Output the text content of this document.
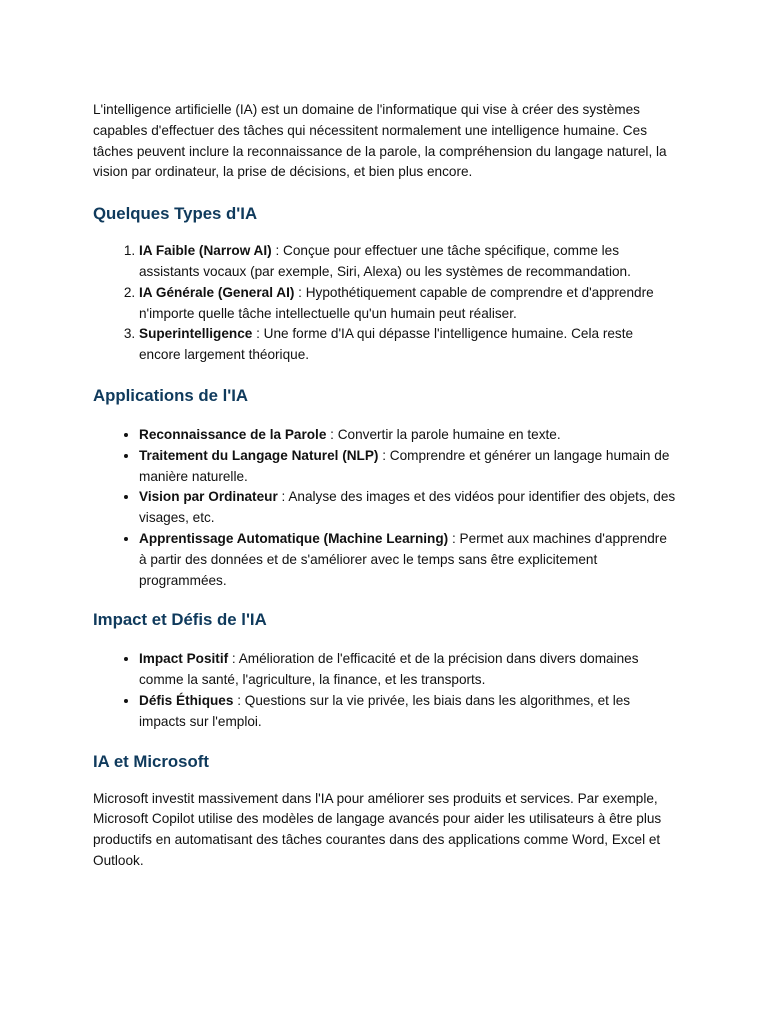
L'intelligence artificielle (IA) est un domaine de l'informatique qui vise à créer des systèmes capables d'effectuer des tâches qui nécessitent normalement une intelligence humaine. Ces tâches peuvent inclure la reconnaissance de la parole, la compréhension du langage naturel, la vision par ordinateur, la prise de décisions, et bien plus encore.

Quelques Types d'IA
1. IA Faible (Narrow AI) : Conçue pour effectuer une tâche spécifique, comme les assistants vocaux (par exemple, Siri, Alexa) ou les systèmes de recommandation.
2. IA Générale (General AI) : Hypothétiquement capable de comprendre et d'apprendre n'importe quelle tâche intellectuelle qu'un humain peut réaliser.
3. Superintelligence : Une forme d'IA qui dépasse l'intelligence humaine. Cela reste encore largement théorique.
Applications de l'IA
• Reconnaissance de la Parole : Convertir la parole humaine en texte.
• Traitement du Langage Naturel (NLP) : Comprendre et générer un langage humain de manière naturelle.
• Vision par Ordinateur : Analyse des images et des vidéos pour identifier des objets, des visages, etc.
• Apprentissage Automatique (Machine Learning) : Permet aux machines d'apprendre à partir des données et de s'améliorer avec le temps sans être explicitement programmées.
Impact et Défis de l'IA
• Impact Positif : Amélioration de l'efficacité et de la précision dans divers domaines comme la santé, l'agriculture, la finance, et les transports.
• Défis Éthiques : Questions sur la vie privée, les biais dans les algorithmes, et les impacts sur l'emploi.
IA et Microsoft

Microsoft investit massivement dans l'IA pour améliorer ses produits et services. Par exemple, Microsoft Copilot utilise des modèles de langage avancés pour aider les utilisateurs à être plus productifs en automatisant des tâches courantes dans des applications comme Word, Excel et Outlook.
